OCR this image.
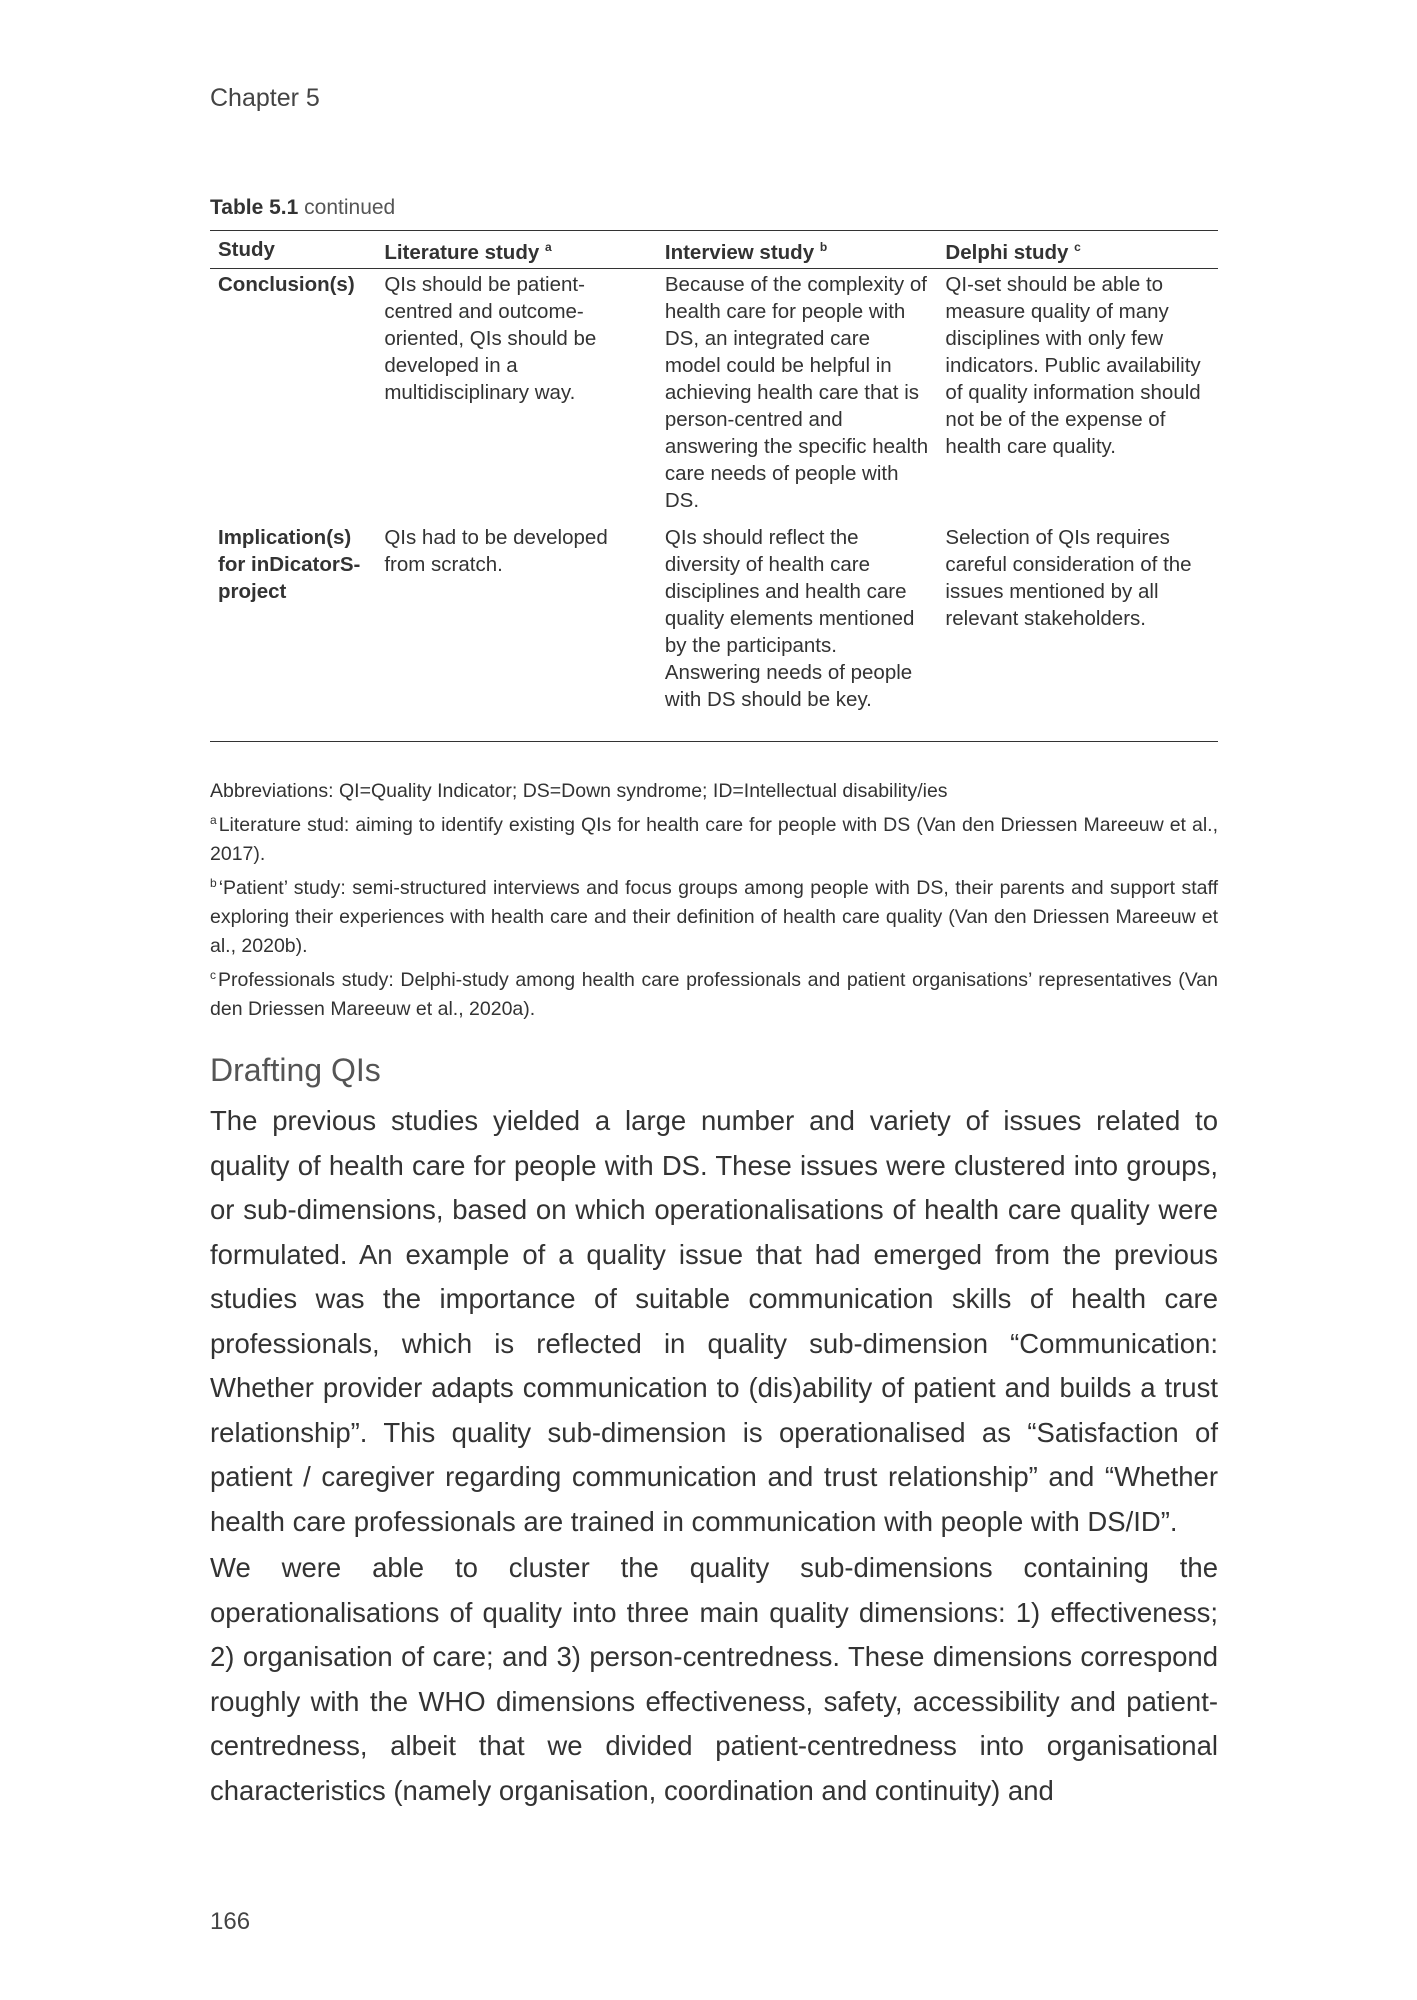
Chapter 5
Table 5.1 continued
Study	Literature study $^a$	Interview study $^b$	Delphi study $^c$
Conclusion(s)	QIs should be patient-centred and outcome-oriented, QIs should be developed in a multidisciplinary way.	Because of the complexity of health care for people with DS, an integrated care model could be helpful in achieving health care that is person-centred and answering the specific health care needs of people with DS.	QI-set should be able to measure quality of many disciplines with only few indicators. Public availability of quality information should not be of the expense of health care quality.
Implication(s) for inDicatorS-project	QIs had to be developed from scratch.	QIs should reflect the diversity of health care disciplines and health care quality elements mentioned by the participants. Answering needs of people with DS should be key.	Selection of QIs requires careful consideration of the issues mentioned by all relevant stakeholders.

Abbreviations: QI=Quality Indicator; DS=Down syndrome; ID=Intellectual disability/ies

$^a$ Literature stud: aiming to identify existing QIs for health care for people with DS (Van den Driessen Mareeuw et al., 2017).

$^b$ ‘Patient’ study: semi-structured interviews and focus groups among people with DS, their parents and support staff exploring their experiences with health care and their definition of health care quality (Van den Driessen Mareeuw et al., 2020b).

$^c$ Professionals study: Delphi-study among health care professionals and patient organisations’ representatives (Van den Driessen Mareeuw et al., 2020a).

Drafting QIs

The previous studies yielded a large number and variety of issues related to quality of health care for people with DS. These issues were clustered into groups, or sub-dimensions, based on which operationalisations of health care quality were formulated. An example of a quality issue that had emerged from the previous studies was the importance of suitable communication skills of health care professionals, which is reflected in quality sub-dimension “Communication: Whether provider adapts communication to (dis)ability of patient and builds a trust relationship”. This quality sub-dimension is operationalised as “Satisfaction of patient / caregiver regarding communication and trust relationship” and “Whether health care professionals are trained in communication with people with DS/ID”.

We were able to cluster the quality sub-dimensions containing the operationalisations of quality into three main quality dimensions: 1) effectiveness; 2) organisation of care; and 3) person-centredness. These dimensions correspond roughly with the WHO dimensions effectiveness, safety, accessibility and patient-centredness, albeit that we divided patient-centredness into organisational characteristics (namely organisation, coordination and continuity) and

166
